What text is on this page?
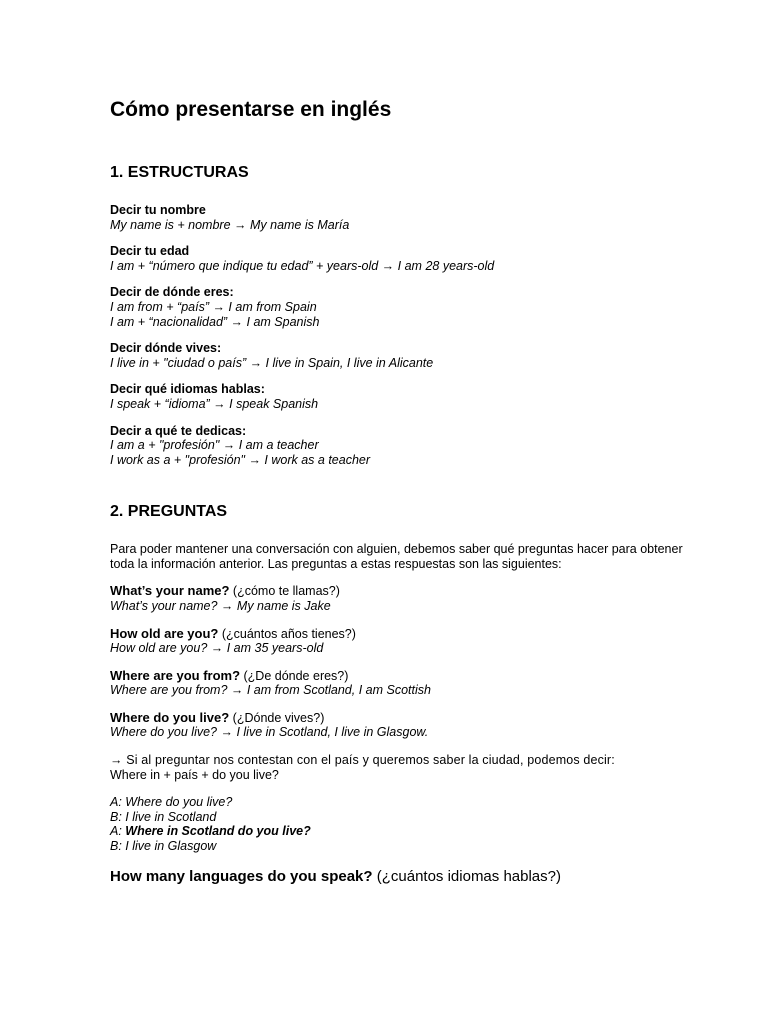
Cómo presentarse en inglés
1. ESTRUCTURAS
Decir tu nombre
My name is + nombre → My name is María
Decir tu edad
I am + “número que indique tu edad” + years-old → I am 28 years-old
Decir de dónde eres:
I am from + “país” → I am from Spain
I am + “nacionalidad” → I am Spanish
Decir dónde vives:
I live in + "ciudad o país” → I live in Spain, I live in Alicante
Decir qué idiomas hablas:
I speak + “idioma” → I speak Spanish
Decir a qué te dedicas:
I am a + "profesión" → I am a teacher
I work as a + "profesión" → I work as a teacher
2. PREGUNTAS

Para poder mantener una conversación con alguien, debemos saber qué preguntas hacer para obtener toda la información anterior. Las preguntas a estas respuestas son las siguientes:

What’s your name? (¿cómo te llamas?)
What’s your name? → My name is Jake
How old are you? (¿cuántos años tienes?)
How old are you? → I am 35 years-old
Where are you from? (¿De dónde eres?)
Where are you from? → I am from Scotland, I am Scottish
Where do you live? (¿Dónde vives?)
Where do you live? → I live in Scotland, I live in Glasgow.
→ Si al preguntar nos contestan con el país y queremos saber la ciudad, podemos decir:
Where in + país + do you live?
A: Where do you live?
B: I live in Scotland
A: Where in Scotland do you live?
B: I live in Glasgow

How many languages do you speak? (¿cuántos idiomas hablas?)
